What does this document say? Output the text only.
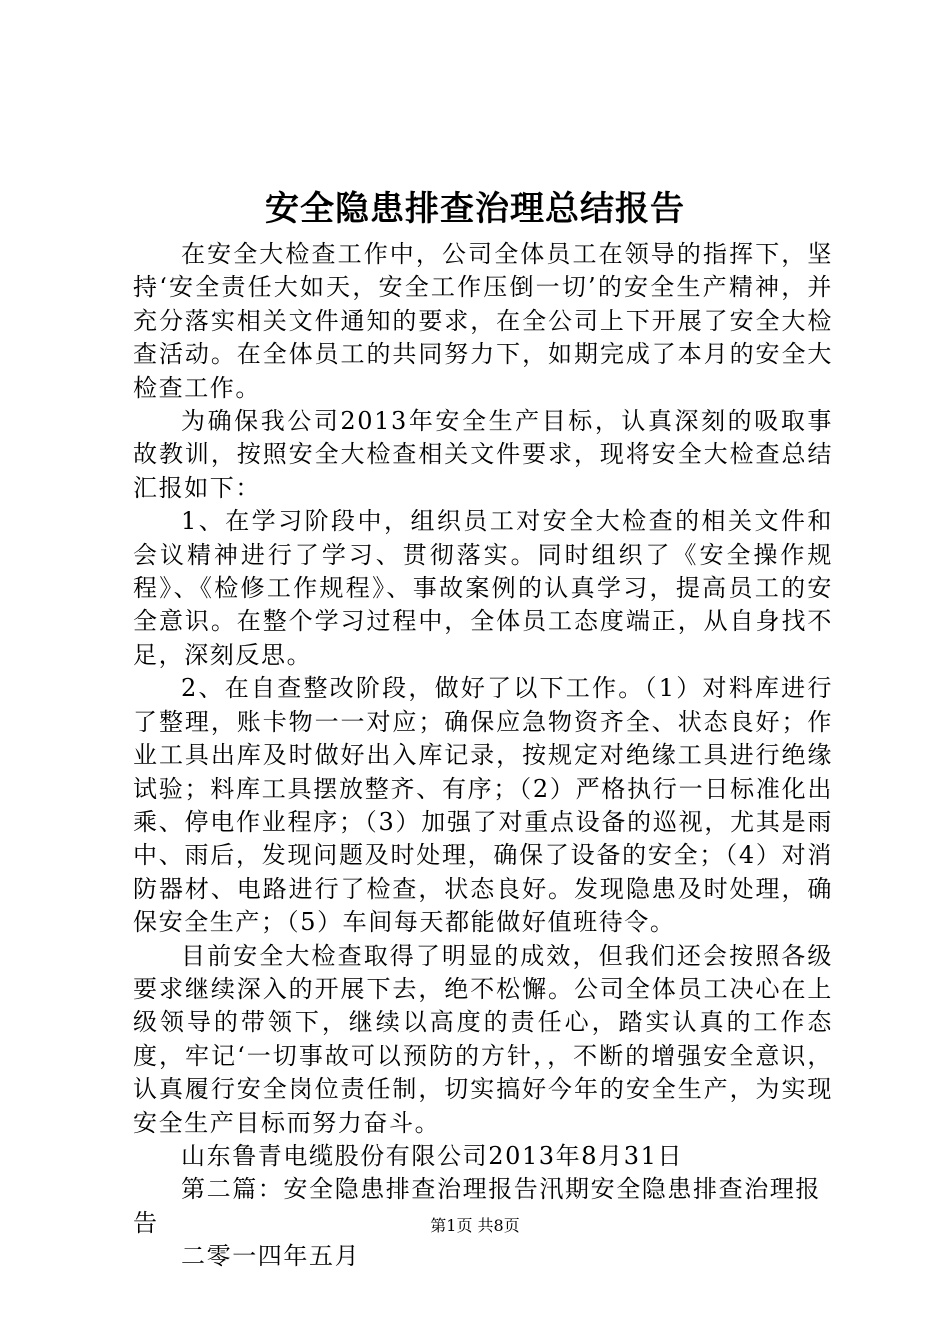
安全隐患排查治理总结报告

在安全大检查工作中，公司全体员工在领导的指挥下，坚持‘安全责任大如天，安全工作压倒一切’的安全生产精神，并充分落实相关文件通知的要求，在全公司上下开展了安全大检查活动。在全体员工的共同努力下，如期完成了本月的安全大检查工作。

为确保我公司2013年安全生产目标，认真深刻的吸取事故教训，按照安全大检查相关文件要求，现将安全大检查总结汇报如下：

1、在学习阶段中，组织员工对安全大检查的相关文件和会议精神进行了学习、贯彻落实。同时组织了《安全操作规程》、《检修工作规程》、事故案例的认真学习，提高员工的安全意识。在整个学习过程中，全体员工态度端正，从自身找不足，深刻反思。

2、在自查整改阶段，做好了以下工作。（1）对料库进行了整理，账卡物一一对应；确保应急物资齐全、状态良好；作业工具出库及时做好出入库记录，按规定对绝缘工具进行绝缘试验；料库工具摆放整齐、有序；（2）严格执行一日标准化出乘、停电作业程序；（3）加强了对重点设备的巡视，尤其是雨中、雨后，发现问题及时处理，确保了设备的安全；（4）对消防器材、电路进行了检查，状态良好。发现隐患及时处理，确保安全生产；（5）车间每天都能做好值班待令。

目前安全大检查取得了明显的成效，但我们还会按照各级要求继续深入的开展下去，绝不松懈。公司全体员工决心在上级领导的带领下，继续以高度的责任心，踏实认真的工作态度，牢记‘一切事故可以预防的方针，，不断的增强安全意识，认真履行安全岗位责任制，切实搞好今年的安全生产，为实现安全生产目标而努力奋斗。

山东鲁青电缆股份有限公司2013年8月31日

第二篇：安全隐患排查治理报告汛期安全隐患排查治理报告

二零一四年五月

第1页 共8页
